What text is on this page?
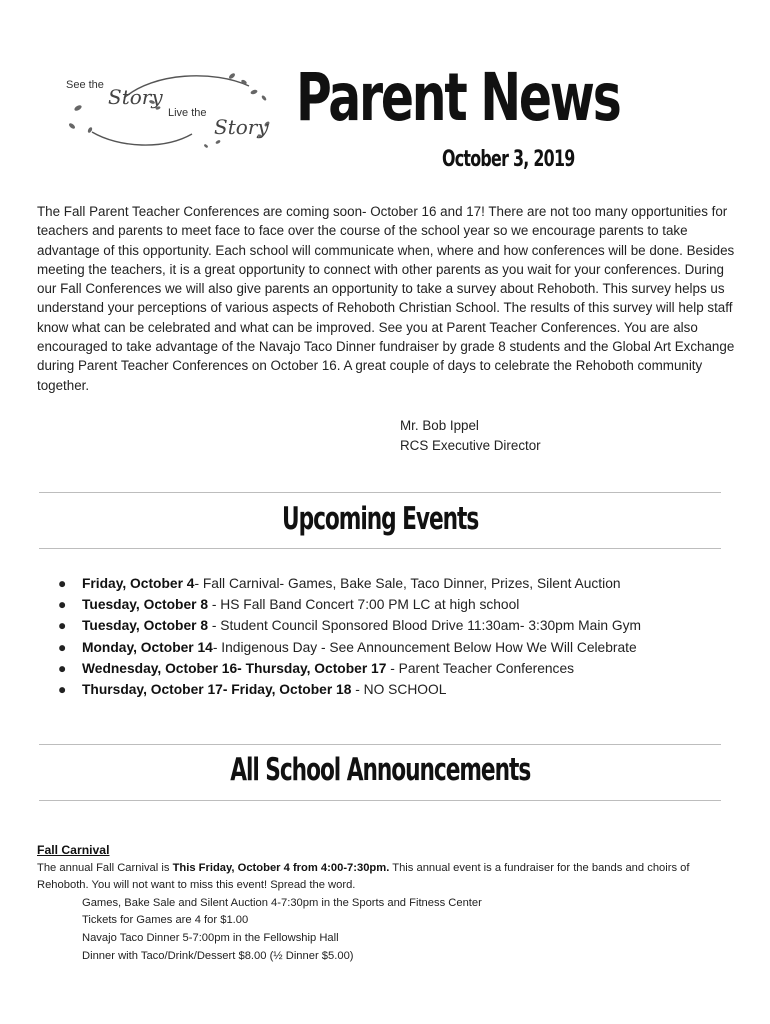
See the Story
Live the
Story Parent News
October 3, 2019

The Fall Parent Teacher Conferences are coming soon- October 16 and 17! There are not too many opportunities for teachers and parents to meet face to face over the course of the school year so we encourage parents to take advantage of this opportunity. Each school will communicate when, where and how conferences will be done. Besides meeting the teachers, it is a great opportunity to connect with other parents as you wait for your conferences. During our Fall Conferences we will also give parents an opportunity to take a survey about Rehoboth. This survey helps us understand your perceptions of various aspects of Rehoboth Christian School. The results of this survey will help staff know what can be celebrated and what can be improved. See you at Parent Teacher Conferences. You are also encouraged to take advantage of the Navajo Taco Dinner fundraiser by grade 8 students and the Global Art Exchange during Parent Teacher Conferences on October 16. A great couple of days to celebrate the Rehoboth community together.

Mr. Bob Ippel
RCS Executive Director
Upcoming Events
● Friday, October 4- Fall Carnival- Games, Bake Sale, Taco Dinner, Prizes, Silent Auction
● Tuesday, October 8 - HS Fall Band Concert 7:00 PM LC at high school
● Tuesday, October 8 - Student Council Sponsored Blood Drive 11:30am- 3:30pm Main Gym
● Monday, October 14- Indigenous Day - See Announcement Below How We Will Celebrate
● Wednesday, October 16- Thursday, October 17 - Parent Teacher Conferences
● Thursday, October 17- Friday, October 18 - NO SCHOOL
All School Announcements
Fall Carnival
The annual Fall Carnival is This Friday, October 4 from 4:00-7:30pm. This annual event is a fundraiser for the bands and choirs of
Rehoboth. You will not want to miss this event! Spread the word.
Games, Bake Sale and Silent Auction 4-7:30pm in the Sports and Fitness Center
Tickets for Games are 4 for $1.00
Navajo Taco Dinner 5-7:00pm in the Fellowship Hall
Dinner with Taco/Drink/Dessert $8.00 (½ Dinner $5.00)
